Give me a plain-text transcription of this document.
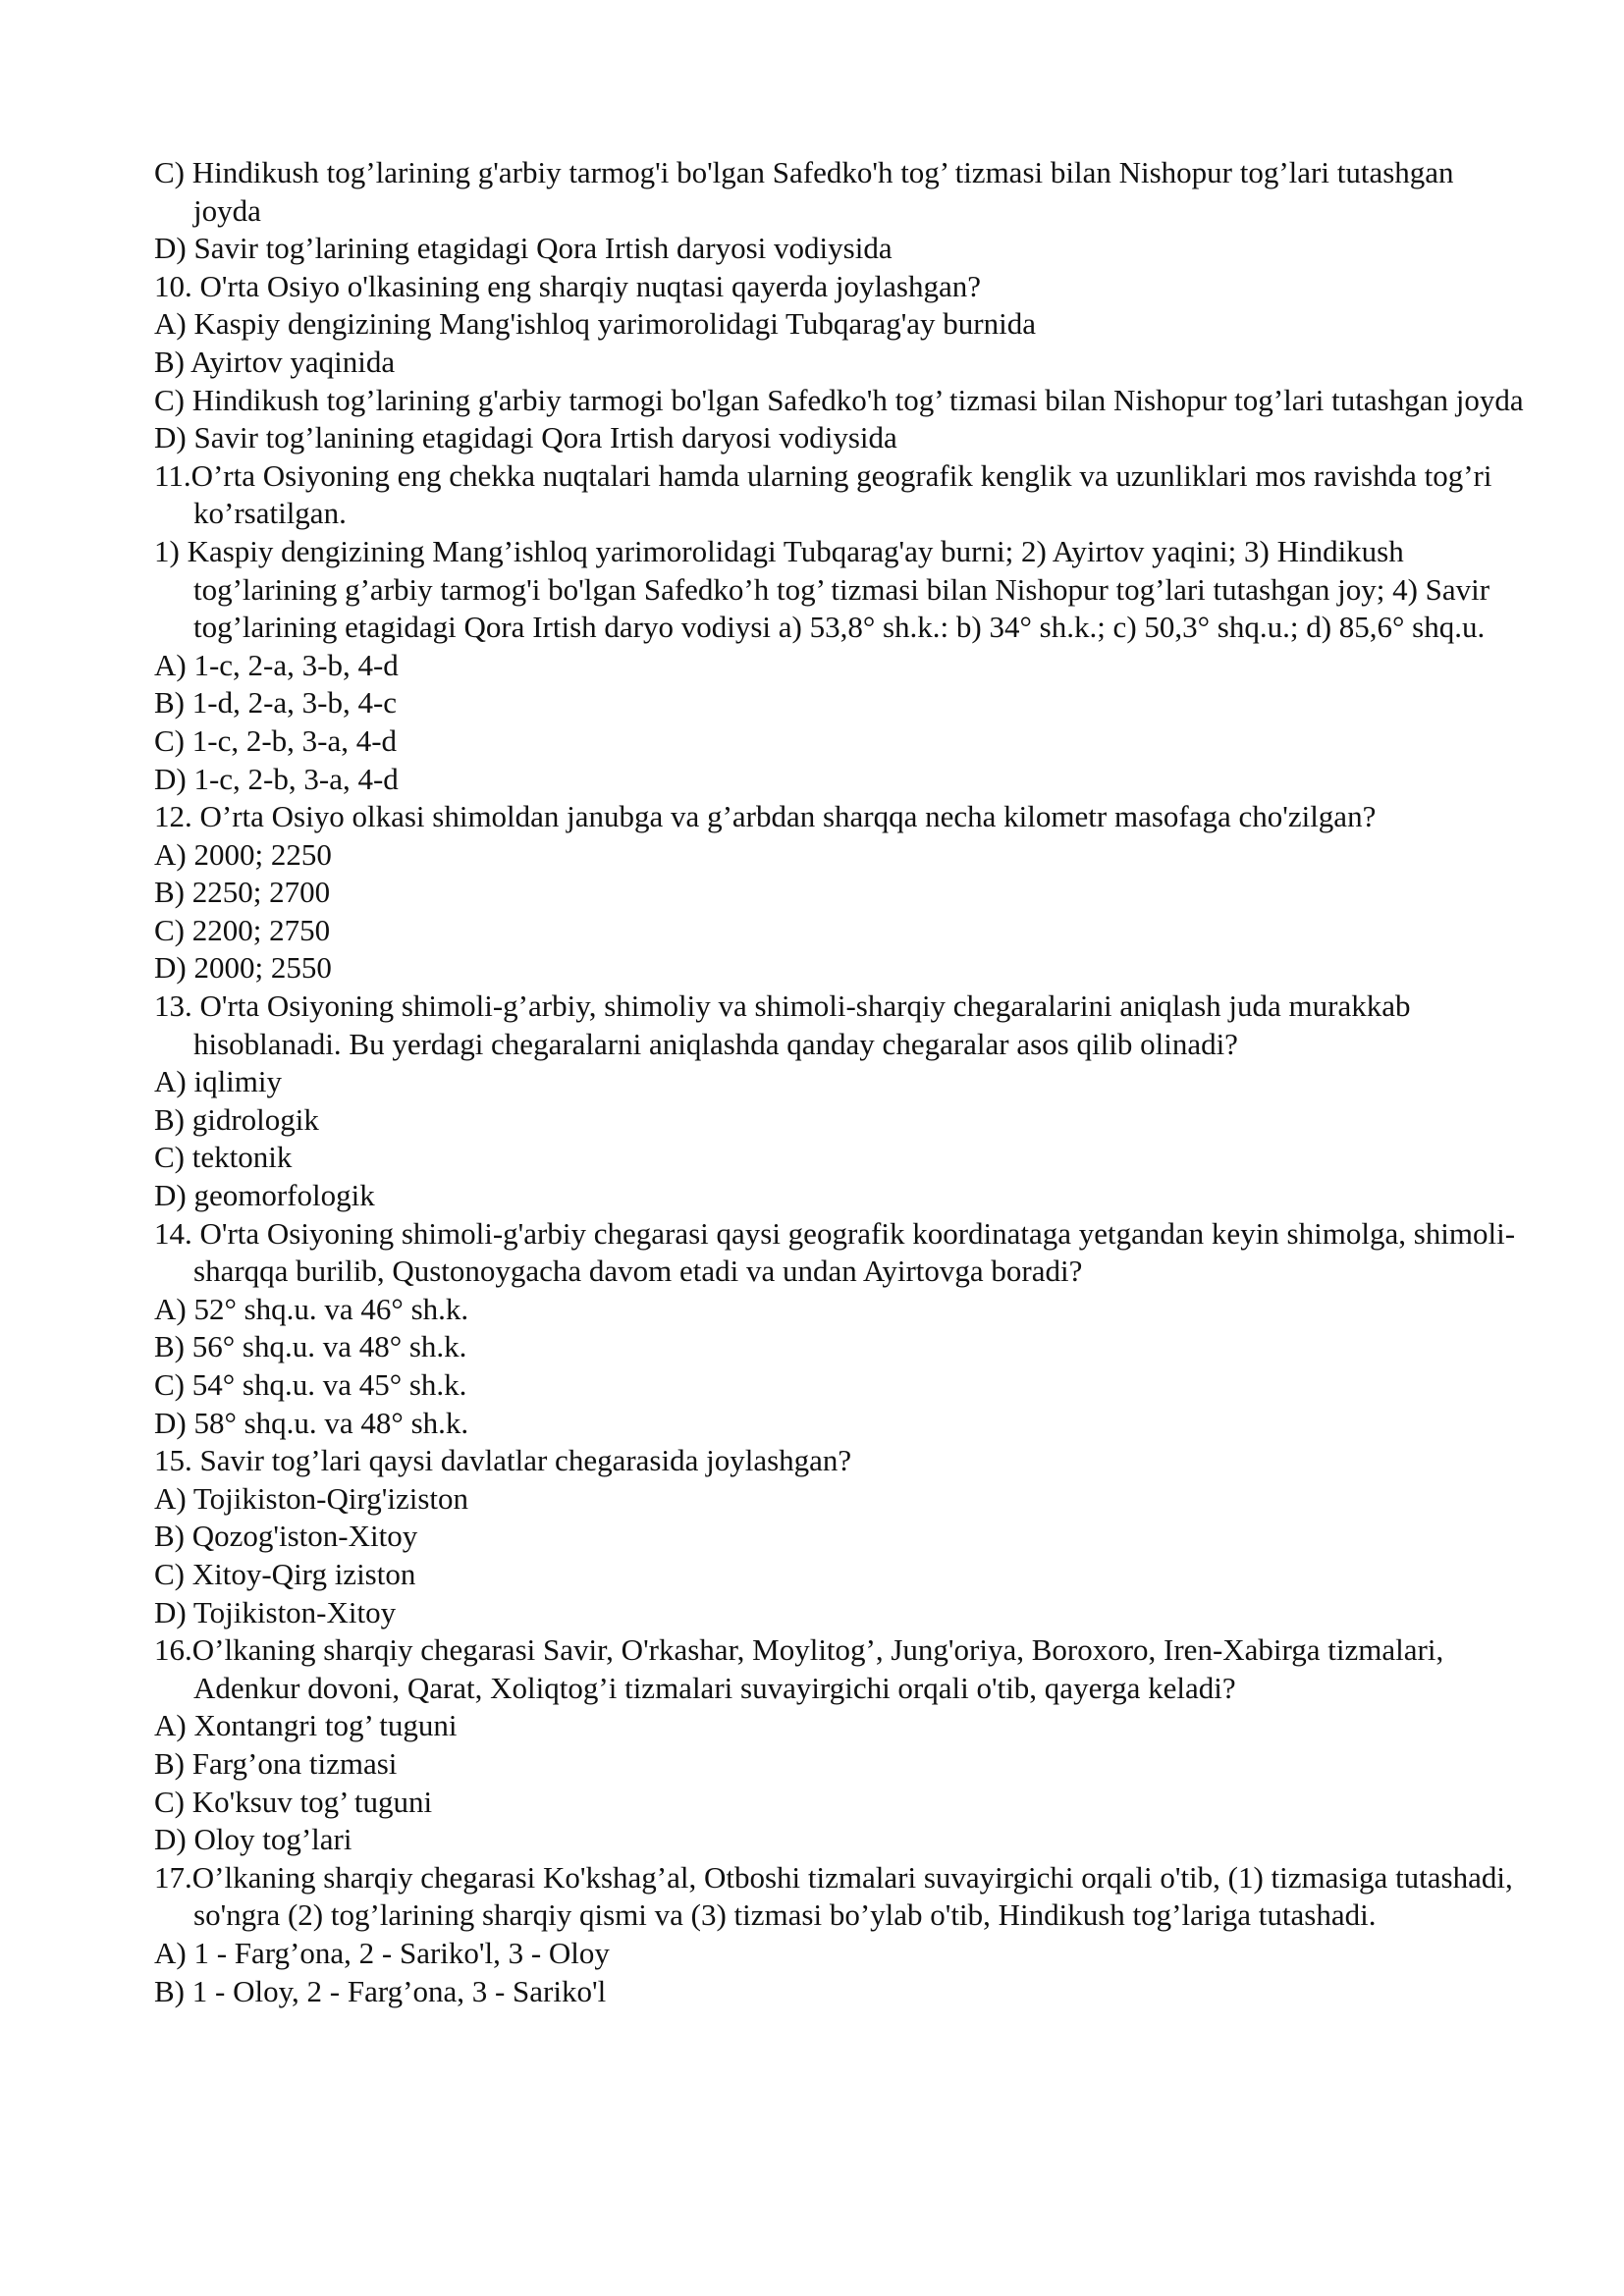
C) Hindikush tog’larining g'arbiy tarmog'i bo'lgan Safedko'h tog’ tizmasi bilan Nishopur tog’lari tutashgan joyda
D) Savir tog’larining etagidagi Qora Irtish daryosi vodiysida
10. O'rta Osiyo o'lkasining eng sharqiy nuqtasi qayerda joylashgan?
A) Kaspiy dengizining Mang'ishloq yarimorolidagi Tubqarag'ay burnida
B) Ayirtov yaqinida
C) Hindikush tog’larining g'arbiy tarmogi bo'lgan Safedko'h tog’ tizmasi bilan Nishopur tog’lari tutashgan joyda
D) Savir tog’lanining etagidagi Qora Irtish daryosi vodiysida
11.O’rta Osiyoning eng chekka nuqtalari hamda ularning geografik kenglik va uzunliklari mos ravishda tog’ri ko’rsatilgan.
1) Kaspiy dengizining Mang’ishloq yarimorolidagi Tubqarag'ay burni; 2) Ayirtov yaqini; 3) Hindikush tog’larining g’arbiy tarmog'i bo'lgan Safedko’h tog’ tizmasi bilan Nishopur tog’lari tutashgan joy; 4) Savir tog’larining etagidagi Qora Irtish daryo vodiysi a) 53,8° sh.k.: b) 34° sh.k.; c) 50,3° shq.u.; d) 85,6° shq.u.
A) 1-c, 2-a, 3-b, 4-d
B) 1-d, 2-a, 3-b, 4-c
C) 1-c, 2-b, 3-a, 4-d
D) 1-c, 2-b, 3-a, 4-d
12. O’rta Osiyo olkasi shimoldan janubga va g’arbdan sharqqa necha kilometr masofaga cho'zilgan?
A) 2000; 2250
B) 2250; 2700
C) 2200; 2750
D) 2000; 2550
13. O'rta Osiyoning shimoli-g’arbiy, shimoliy va shimoli-sharqiy chegaralarini aniqlash juda murakkab hisoblanadi. Bu yerdagi chegaralarni aniqlashda qanday chegaralar asos qilib olinadi?
A) iqlimiy
B) gidrologik
C) tektonik
D) geomorfologik
14. O'rta Osiyoning shimoli-g'arbiy chegarasi qaysi geografik koordinataga yetgandan keyin shimolga, shimoli-sharqqa burilib, Qustonoygacha davom etadi va undan Ayirtovga boradi?
A) 52° shq.u. va 46° sh.k.
B) 56° shq.u. va 48° sh.k.
C) 54° shq.u. va 45° sh.k.
D) 58° shq.u. va 48° sh.k.
15. Savir tog’lari qaysi davlatlar chegarasida joylashgan?
A) Tojikiston-Qirg'iziston
B) Qozog'iston-Xitoy
C) Xitoy-Qirg iziston
D) Tojikiston-Xitoy
16.O’lkaning sharqiy chegarasi Savir, O'rkashar, Moylitog’, Jung'oriya, Boroxoro, Iren-Xabirga tizmalari, Adenkur dovoni, Qarat, Xoliqtog’i tizmalari suvayirgichi orqali o'tib, qayerga keladi?
A) Xontangri tog’ tuguni
B) Farg’ona tizmasi
C) Ko'ksuv tog’ tuguni
D) Oloy tog’lari
17.O’lkaning sharqiy chegarasi Ko'kshag’al, Otboshi tizmalari suvayirgichi orqali o'tib, (1) tizmasiga tutashadi, so'ngra (2) tog’larining sharqiy qismi va (3) tizmasi bo’ylab o'tib, Hindikush tog’lariga tutashadi.
A) 1 - Farg’ona, 2 - Sariko'l, 3 - Oloy
B) 1 - Oloy, 2 - Farg’ona, 3 - Sariko'l
